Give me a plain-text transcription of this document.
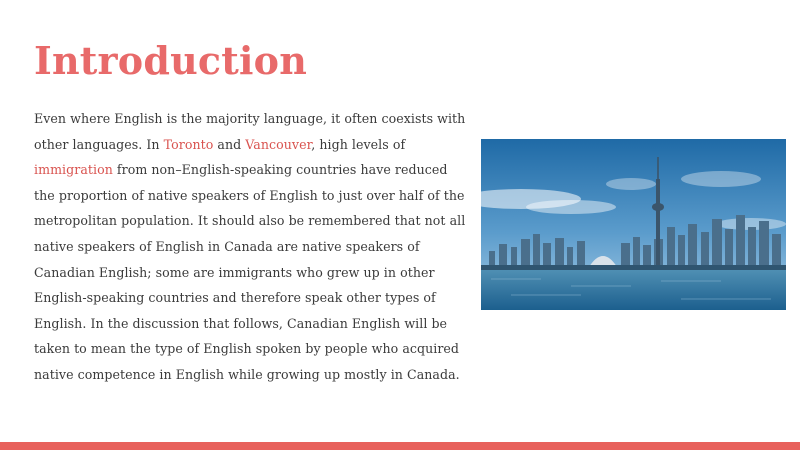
Introduction
Even where English is the majority language, it often coexists with other languages. In Toronto and Vancouver, high levels of immigration from non–English-speaking countries have reduced the proportion of native speakers of English to just over half of the metropolitan population. It should also be remembered that not all native speakers of English in Canada are native speakers of Canadian English; some are immigrants who grew up in other English-speaking countries and therefore speak other types of English. In the discussion that follows, Canadian English will be taken to mean the type of English spoken by people who acquired native competence in English while growing up mostly in Canada.
